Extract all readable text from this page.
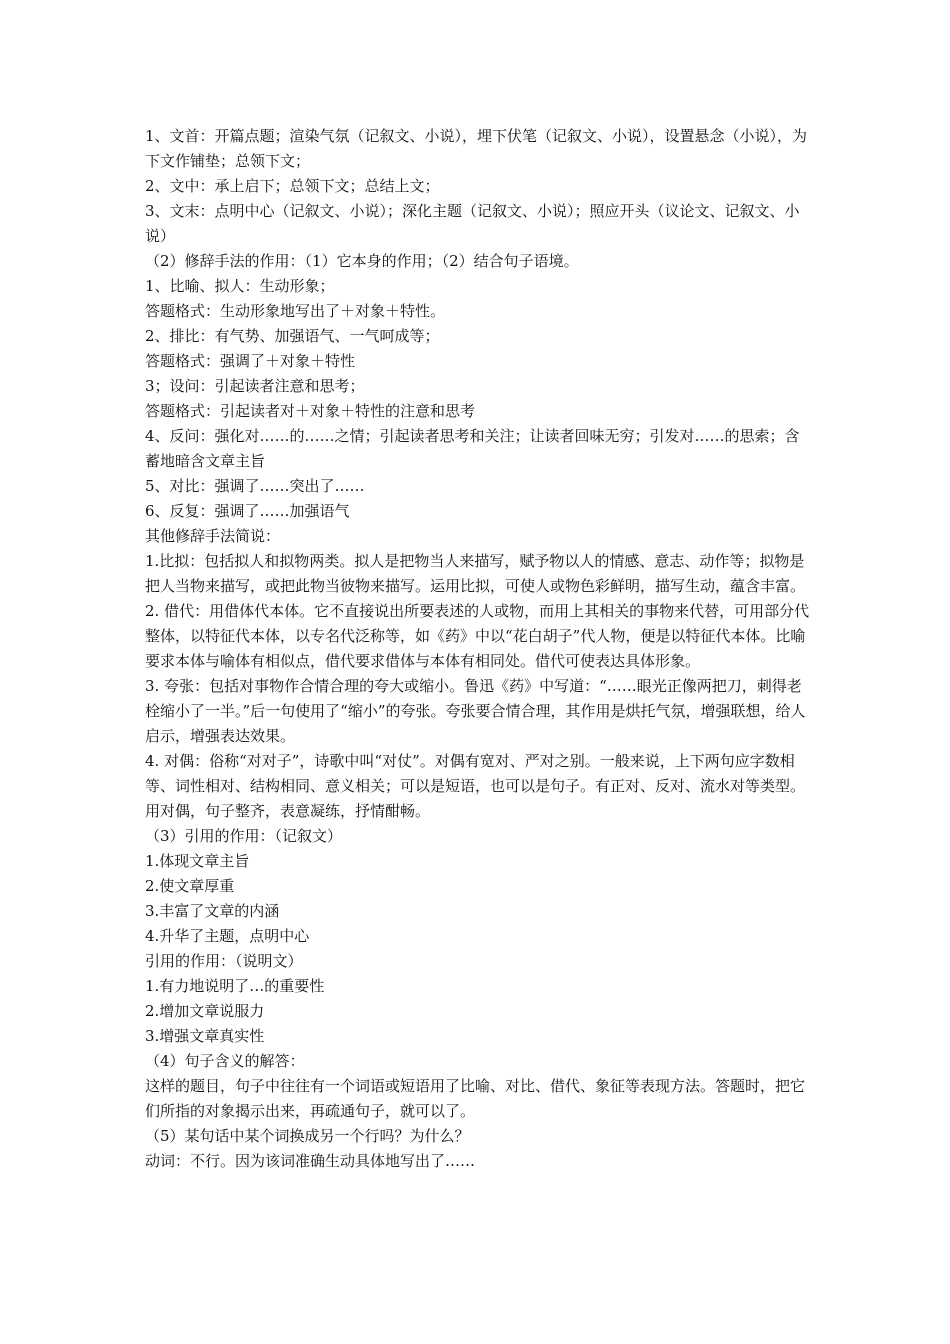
1、文首：开篇点题；渲染气氛（记叙文、小说），埋下伏笔（记叙文、小说），设置悬念（小说），为下文作铺垫；总领下文；

2、文中：承上启下；总领下文；总结上文；

3、文末：点明中心（记叙文、小说）；深化主题（记叙文、小说）；照应开头（议论文、记叙文、小说）

（2）修辞手法的作用：（1）它本身的作用；（2）结合句子语境。

1、比喻、拟人：生动形象；

答题格式：生动形象地写出了＋对象＋特性。

2、排比：有气势、加强语气、一气呵成等；

答题格式：强调了＋对象＋特性

3；设问：引起读者注意和思考；

答题格式：引起读者对＋对象＋特性的注意和思考

4、反问：强化对……的……之情；引起读者思考和关注；让读者回味无穷；引发对……的思索；含蓄地暗含文章主旨

5、对比：强调了……突出了……

6、反复：强调了……加强语气

其他修辞手法简说：

1.比拟：包括拟人和拟物两类。拟人是把物当人来描写，赋予物以人的情感、意志、动作等；拟物是把人当物来描写，或把此物当彼物来描写。运用比拟，可使人或物色彩鲜明，描写生动，蕴含丰富。

2. 借代：用借体代本体。它不直接说出所要表述的人或物，而用上其相关的事物来代替，可用部分代整体，以特征代本体，以专名代泛称等，如《药》中以“花白胡子”代人物，便是以特征代本体。比喻要求本体与喻体有相似点，借代要求借体与本体有相同处。借代可使表达具体形象。

3. 夸张：包括对事物作合情合理的夸大或缩小。鲁迅《药》中写道：“……眼光正像两把刀，刺得老栓缩小了一半。”后一句使用了“缩小”的夸张。夸张要合情合理，其作用是烘托气氛，增强联想，给人启示，增强表达效果。

4. 对偶：俗称“对对子”，诗歌中叫“对仗”。对偶有宽对、严对之别。一般来说，上下两句应字数相等、词性相对、结构相同、意义相关；可以是短语，也可以是句子。有正对、反对、流水对等类型。用对偶，句子整齐，表意凝练，抒情酣畅。

（3）引用的作用：（记叙文）

1.体现文章主旨

2.使文章厚重

3.丰富了文章的内涵

4.升华了主题，点明中心

引用的作用：（说明文）

1.有力地说明了…的重要性

2.增加文章说服力

3.增强文章真实性

（4）句子含义的解答：

这样的题目，句子中往往有一个词语或短语用了比喻、对比、借代、象征等表现方法。答题时，把它们所指的对象揭示出来，再疏通句子，就可以了。

（5）某句话中某个词换成另一个行吗？为什么？

动词：不行。因为该词准确生动具体地写出了……
